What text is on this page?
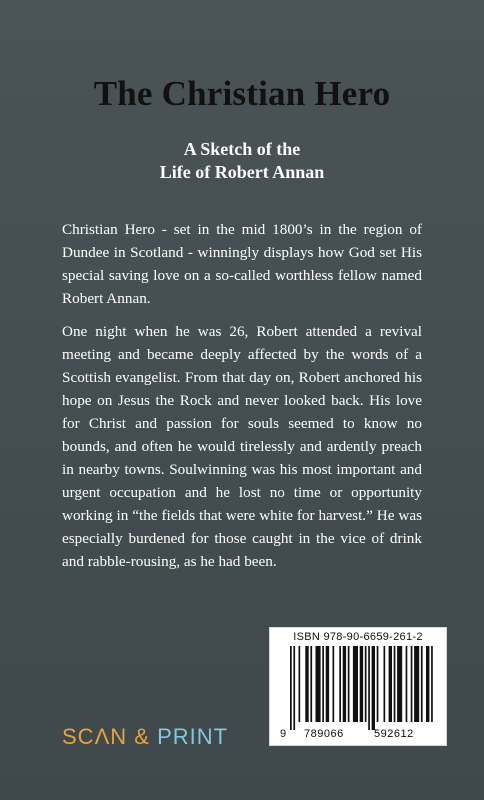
The Christian Hero
A Sketch of the
Life of Robert Annan

Christian Hero - set in the mid 1800’s in the region of Dundee in Scotland - winningly displays how God set His special saving love on a so-called worthless fellow named Robert Annan.

One night when he was 26, Robert attended a revival meeting and became deeply affected by the words of a Scottish evangelist. From that day on, Robert anchored his hope on Jesus the Rock and never looked back. His love for Christ and passion for souls seemed to know no bounds, and often he would tirelessly and ardently preach in nearby towns. Soulwinning was his most important and urgent occupation and he lost no time or opportunity working in “the fields that were white for harvest.” He was especially burdened for those caught in the vice of drink and rabble-rousing, as he had been.

ISBN 978-90-6659-261-2
9 789066	592612
SCΛN & PRINT
